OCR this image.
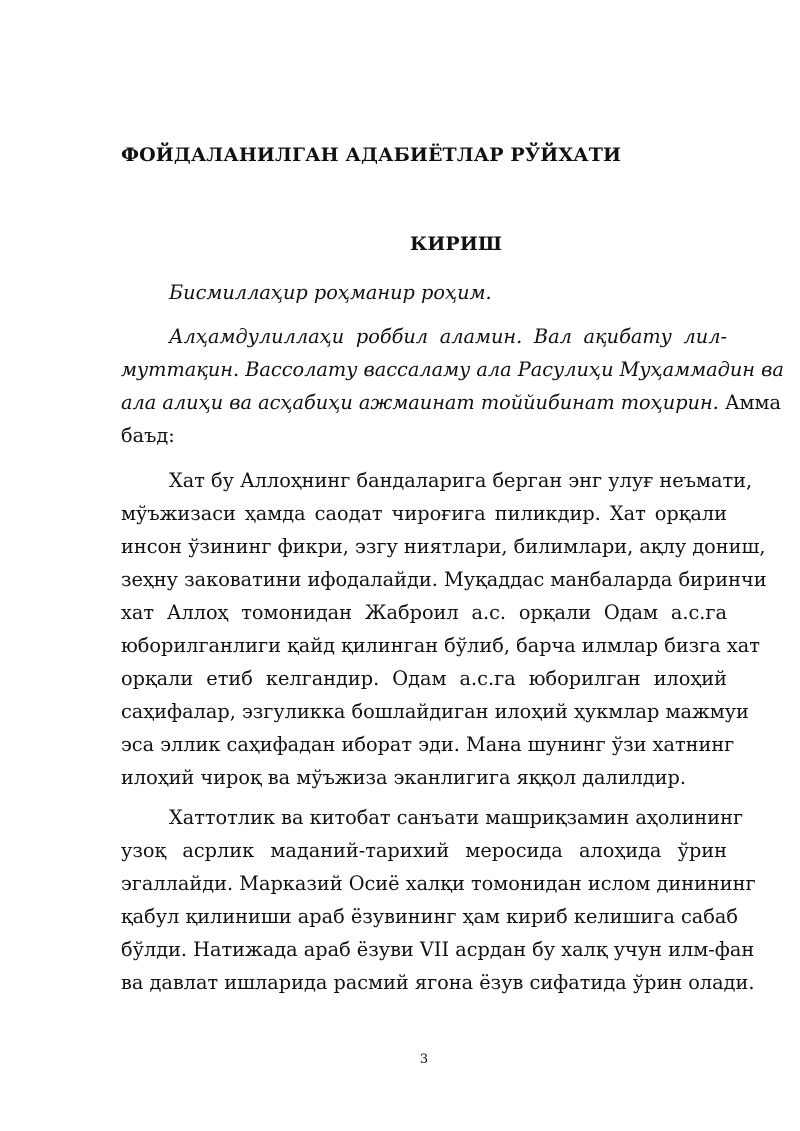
ФОЙДАЛАНИЛГАН АДАБИЁТЛАР РЎЙХАТИ
КИРИШ

Бисмиллаҳир роҳманир роҳим.

Алҳамдулиллаҳи роббил аламин. Вал ақибату лил-
муттақин. Вассолату вассаламу ала Расулиҳи Муҳаммадин ва
ала алиҳи ва асҳабиҳи ажмаинат тоййибинат тоҳирин. Амма
баъд:

Хат бу Аллоҳнинг бандаларига берган энг улуғ неъмати,
мўъжизаси ҳамда саодат чироғига пиликдир. Хат орқали
инсон ўзининг фикри, эзгу ниятлари, билимлари, ақлу дониш,
зеҳну заковатини ифодалайди. Муқаддас манбаларда биринчи
хат Аллоҳ томонидан Жаброил а.с. орқали Одам а.с.га
юборилганлиги қайд қилинган бўлиб, барча илмлар бизга хат
орқали етиб келгандир. Одам а.с.га юборилган илоҳий
саҳифалар, эзгуликка бошлайдиган илоҳий ҳукмлар мажмуи
эса эллик саҳифадан иборат эди. Мана шунинг ўзи хатнинг
илоҳий чироқ ва мўъжиза эканлигига яққол далилдир.

Хаттотлик ва китобат санъати машриқзамин аҳолининг
узоқ асрлик маданий-тарихий меросида алоҳида ўрин
эгаллайди. Марказий Осиё халқи томонидан ислом динининг
қабул қилиниши араб ёзувининг ҳам кириб келишига сабаб
бўлди. Натижада араб ёзуви VII асрдан бу халқ учун илм-фан
ва давлат ишларида расмий ягона ёзув сифатида ўрин олади.

3
